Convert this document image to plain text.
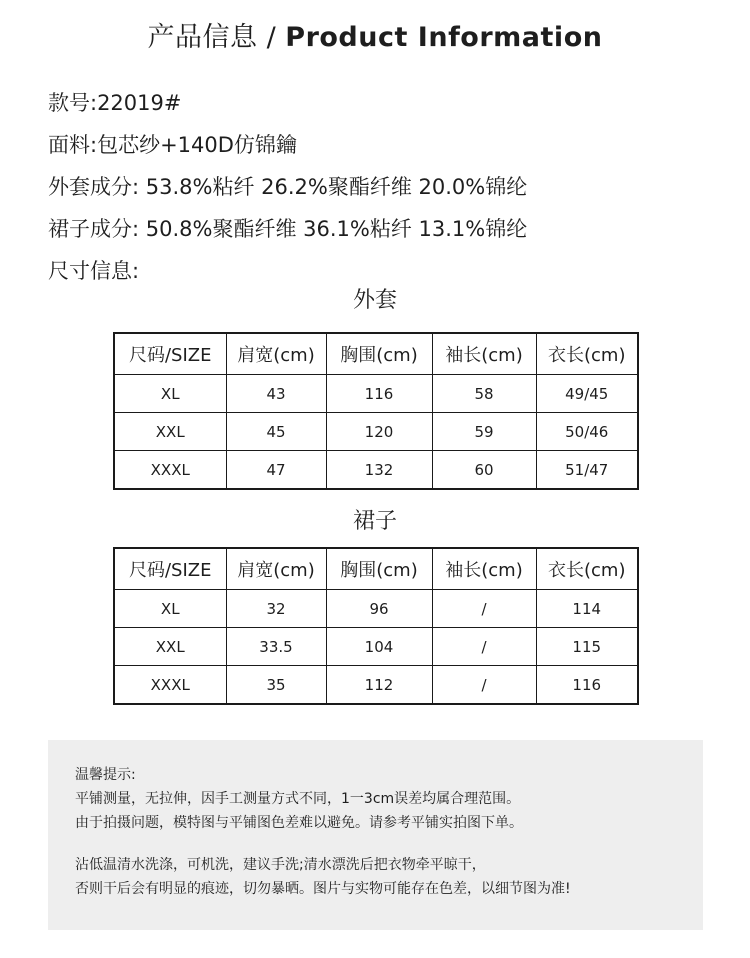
产品信息 / Product Information
款号:22019#
面料:包芯纱+140D仿锦鑰
外套成分: 53.8%粘纤 26.2%聚酯纤维 20.0%锦纶
裙子成分: 50.8%聚酯纤维 36.1%粘纤 13.1%锦纶
尺寸信息:
外套
尺码/SIZE	肩宽(cm)	胸围(cm)	袖长(cm)	衣长(cm)
XL	43	116	58	49/45
XXL	45	120	59	50/46
XXXL	47	132	60	51/47
裙子
尺码/SIZE	肩宽(cm)	胸围(cm)	袖长(cm)	衣长(cm)
XL	32	96	/	114
XXL	33.5	104	/	115
XXXL	35	112	/	116
温馨提示:
平铺测量，无拉伸，因手工测量方式不同，1一3cm误差均属合理范围。
由于拍摄问题，模特图与平铺图色差难以避免。请参考平铺实拍图下单。
沾低温清水洗涤，可机洗，建议手洗;清水漂洗后把衣物牵平晾干，
否则干后会有明显的痕迹，切勿暴晒。图片与实物可能存在色差，以细节图为准!
